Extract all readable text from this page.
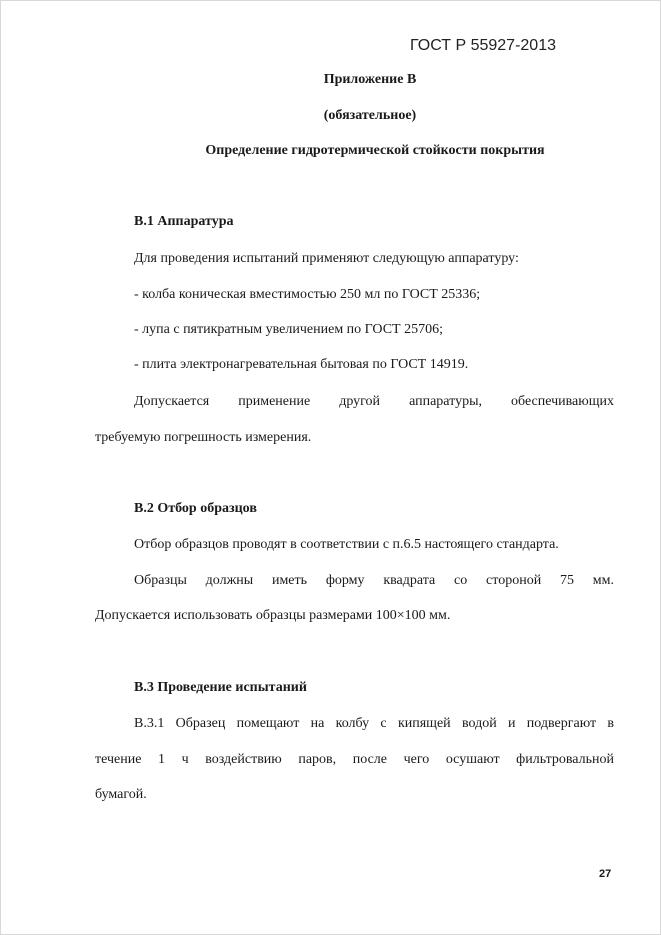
ГОСТ Р 55927-2013
Приложение В
(обязательное)
Определение гидротермической стойкости покрытия
В.1 Аппаратура
Для проведения испытаний применяют следующую аппаратуру:
- колба коническая вместимостью 250 мл по ГОСТ 25336;
- лупа с пятикратным увеличением по ГОСТ 25706;
- плита электронагревательная бытовая по ГОСТ 14919.
Допускается применение другой аппаратуры, обеспечивающих
требуемую погрешность измерения.
В.2 Отбор образцов
Отбор образцов проводят в соответствии с п.6.5 настоящего стандарта.
Образцы должны иметь форму квадрата со стороной 75 мм.
Допускается использовать образцы размерами 100×100 мм.
В.3 Проведение испытаний
В.3.1 Образец помещают на колбу с кипящей водой и подвергают в
течение 1 ч воздействию паров, после чего осушают фильтровальной
бумагой.
27
